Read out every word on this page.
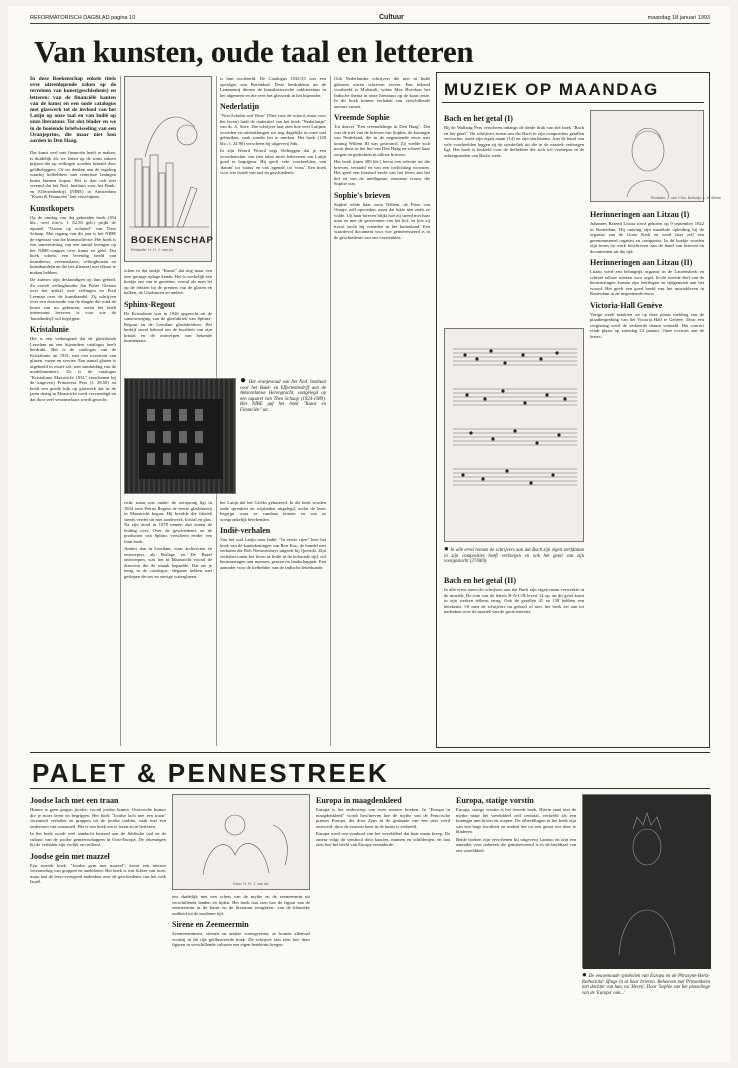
REFORMATORISCH DAGBLAD pagina 10	Cultuur	maandag 18 januari 1993
Van kunsten, oude taal en letteren
In deze Boekenschap enkele titels over uiteenlopende zaken op de terreinen van kunst(geschiedenis) en letteren: van de financiële kanten van de kunst en een oude catalogus met glaswerk tot de invloed van het Latijn op onze taal en van Indië op onze literatuur. Tot slot blader en we in de boeiende briefwisseling van een Oranjeprins, die maar niet kon aarden in Den Haag.

Dat kunst veel met financiën heeft te maken, is duidelijk als we letten op de soms zakere prijzen die op veilingen worden betaald door geldbeleggers. Of we denken aan de regeling waarbij liefhebbers met renteloze leningen kunst kunnen kopen. Het is dan ook niet vreemd dat het Ned. Instituut voor het Bank- en Effectenbedrijf (NIBE) in Amsterdam "Kunst & Financiën" laat verschijnen.

Kunstkopers

Op de omslag van dat gebonden boek (184 blz., veel foto's; f. 62,50 geb.) prijkt de aquarel "Voorm op ochtend" van Theo Schaap. Met ingang van dit jaar is het NIBE de eigenaar van die kunstcollectie. Het boek is een samenvatting van een aantal lezingen op het NIBE-congres over kunst en geld. Dat boek schetst een levendig beeld van kunstbeurs, verzamelaars, veilinghuizen en kunsthandelaren die het allemaal met elkaar te maken hebben.

De auteurs zijn deskundigen op hun gebied. Zo vertelt veilinghouder Jan Pieter Glerum over het artikel over veilingen en Fred Leeman over de kunsthandel. Zij schrijven over een doorsnede van de dingen die rond de kunst van nu gebeuren, zodat het boek interessant leesvoer is voor wie de 'kunstbedrijf' wil begrijpen.

Kristalunie

Het is een verheugend dat de glasfabriek Leerdam nu een bijzondere catalogus heeft herdrukt. Het is de catalogus van de Kristalunie uit 1931, met een overzicht van glazen, vazen en servies. Een aantal glazen is afgebeeld in zwart-wit, met aanduiding van de modelnummers. Zo is de catalogus "Kristalunie Maastricht 1931" verschenen bij de uitgeverij Primavera Pers (f. 29,50) en biedt een goede kijk op glaswerk dat in de jaren dertig in Maastricht werd vervaardigd en dat door veel verzamelaars wordt gezocht.

BOEKENSCHAP
Redactie: H. H. J. van As

schen in dat stukje "Kunst" dat nog maar een zeer geringe oplage kende. Het is werkelijk een boekje om van te genieten, vooral als men let op de teksten bij de prenten van de glazen en kelken, de Gladsturen en andere.

Sphinx-Regout

De Kristalunie was in 1926 opgericht uit de samenvoeging van de glasfabriek van Sphinx-Regout en de Leerdam glasfabrieken. Het bedrijf stond bekend om de kwaliteit van zijn kristal en de ontwerpen van bekende kunstenaars.

● Het oranjewoud van het Ned. Instituut voor het Bank- en Effectenbedrijf aan de Amsterdamse Herengracht, vastgelegd op een aquarel van Theo Schaap (1924-1989). Het NIBE gaf het boek "Kunst en Financiën" uit.

richt, maar was ouder: de oorsprong ligt in 1834 toen Petrus Regout de eerste glasblazerij in Maastricht begon. Hij breidde die fabriek steeds verder uit met aardewerk, kristal en glas. Na zijn dood in 1878 namen zijn zonen de leiding over. Over de geschiedenis en de producten van Sphinx verscheen eerder een fraai boek.

Anders dan in Leerdam, waar architecten en ontwerpers als Berlage en De Bazel ontwierpen, was het in Maastricht vooral de directeur die de smaak bepaalde. Dat zie je terug in de catalogus: elegante kelken met geslepen decors en stevige waterglazen.

is hun voorbeeld. De Catalogus 1932-33 was een opvolger van Borendaal. Deze herdrukken uit de Lemmenrij dienen de kunsthistorische vakliteratuur in het algemeen en die over het glaswerk in het bijzonder.

Nederlatijn

"Non Scholae sed Vitae" (Niet voor de school, maar voor het leven) luidt de ondertitel van het boek "Nederlatijn" van dr. A. Sirre. Die schrijver laat zien hoe veel Latijnse woorden en uitdrukkingen we nog dagelijks in onze taal gebruiken, vaak zonder het te merken. Het boek (128 blz.; f. 24,90) verscheen bij uitgeverij Sdu.

In zijn Woord Woord zegt Verbeggen dat je een woordenschat van tien talen moet beheersen om Latijn goed te begrijpen. Hij geeft vele voorbeelden, van 'datum' tot 'status' en van 'agenda' tot 'virus'. Een boek voor wie houdt van taal en geschiedenis.

het Latijn dat het Grieks gebaseerd. In dit boek worden oude spreuken en wijsheden uitgelegd, zodat de lezer begrijpt waar ze vandaan komen en wat ze oorspronkelijk betekenden.

Indië-verhalen

Van het oud Latijn naar Indië: "In eerste rijen" heet het boek van de kanttekeningen van Bert Koo, de bundel met verhalen die Rob Nieuwenhuys uitgeeft bij Querido. Zijn verhalen tonen het leven in Indië in de koloniale tijd, vol herinneringen aan mensen, geuren en landschappen. Een aanrader voor de liefhebber van de Indische letterkunde.

Ook Nederlandse schrijvers die niet in Indië geboren waren schreven erover. Een bekend voorbeeld is Multatuli, wiens Max Havelaar het Indische thema in onze literatuur op de kaart zette. In dit boek komen verhalen van verschillende auteurs samen.

Vreemde Sophie

Tot dusver "Een vreemdelinge in Den Haag". Dat was de titel van de brieven van Sophie, de koningin van Nederland, die in de negentiende eeuw met koning Willem III was getrouwd. Zij voelde zich nooit thuis in het hof van Den Haag en schreef haar zorgen en gedachten in talloze brieven.

Het boek (ruim 300 blz.) bevat een selectie uit die brieven, vertaald en van een toelichting voorzien. Het geeft een boeiend beeld van het leven aan het hof en van de intelligente, eenzame vrouw die Sophie was.

Sophie's brieven

Sophie wilde haar zoon Willem, de Prins van Oranje, zelf opvoeden, maar dat lukte niet zoals ze wilde. Uit haar brieven blijkt hoe zij streed met haar man en met de gewoonten van het hof, en hoe zij troost zocht bij vrienden in het buitenland. Een waardevol document voor wie geïnteresseerd is in de geschiedenis van ons vorstenhuis.

MUZIEK OP MAANDAG
Bach en het getal (I)

Bij de Walburg Pers verscheen onlangs de derde druk van het boek "Bach en het getal". De schrijvers tonen aan dat Bach in zijn composities getallen verwerkte, zoals zijn eigen naam (14) en zijn sterfdatum. Aan de hand van vele voorbeelden leggen zij de symboliek uit die in de muziek verborgen ligt. Het boek is bedoeld voor de liefhebber die zich wil verdiepen in de achtergronden van Bachs werk.

Redactie: J. van 't Hul, Bolhuijs: A. H. Alblas
Herinneringen aan Litzau (I)

Johannes Barend Litzau werd geboren op 9 september 1822 in Rotterdam. Hij ontving zijn muzikale opleiding bij de organist van de Grote Kerk en werd later zelf een gerenommeerd organist en componist. In dit boekje worden zijn leven en werk beschreven aan de hand van brieven en documenten uit die tijd.

Herinneringen aan Litzau (II)

Litzau werd een belangrijk organist in de Laurenskerk en schreef talloze werken voor orgel. In dit tweede deel van de herinneringen komen zijn leerlingen en tijdgenoten aan het woord. Het geeft een goed beeld van het muziekleven in Rotterdam in de negentiende eeuw.

Victoria-Hall Genève

Vorige week maakten we op deze plaats melding van de plaatbespreking van het Victoria Hall te Genève. Door een vergissing werd de verkeerde datum vermeld. Het concert vindt plaats op zaterdag 23 januari. Onze excuses aan de lezers.

● In alle ernst toonen de schrijvers aan dat Bach zijn eigen sterfdatum in zijn composities heeft verborgen en ook het getal van zijn voorgeslacht (27/669).
Bach en het getal (II)

In alle ernst tonen de schrijvers aan dat Bach zijn eigen naam verwerkte in de muziek. De som van de letters B-A-C-H levert 14 op, en dit getal komt in zijn werken telkens terug. Ook de getallen 41 en 158 hebben een betekenis. Of men de schrijvers nu gelooft of niet, het boek zet aan tot nadenken over de muziek van de grote meester.

PALET & PENNESTREEK
Joodse lach met een traan

Humor is geen grapje: joodse, vooral joodse humor. Oostersche humor die je moet leren en begrijpen. Het boek "Joodse lach met een traan" verzamelt verhalen en grappen uit de joodse traditie, vaak met een ondertoon van weemoed. Het is een boek om te lezen en te herlezen.

In het boek wordt veel aandacht besteed aan de Jiddische taal en de cultuur van de joodse gemeenschappen in Oost-Europa. De tekeningen bij de verhalen zijn vrolijk en treffend.

Joodse gein met mazzel

Een tweede boek, "Joodse gein met mazzel", bevat een nieuwe verzameling van grappen en anekdoten. Het boek is wat lichter van toon, maar laat de lezer evengoed nadenken over de geschiedenis van het volk Israël.	Door: H. H. J. van As

ons duidelijk met een schets van de mythe en de zeemeermin uit verschillende landen en tijden. Het boek laat zien hoe de figuur van de zeemeermin in de kunst en de literatuur terugkeert, van de klassieke oudheid tot de moderne tijd.

Sirene en Zeemeermin

Zeemeerminnen, sirenen en andere watergeesten, ze komen allemaal voorbij in dit rijk geïllustreerde boek. De schrijver laat zien hoe deze figuren in verschillende culturen een eigen betekenis kregen.

Europa in maagdenkleed

Europa is het onderwerp van twee nieuwe boeken. In "Europa in maagdenkleed" wordt beschreven hoe de mythe van de Fenicische prinses Europa, die door Zeus in de gedaante van een stier werd ontvoerd, door de eeuwen heen in de kunst is verbeeld.

Europa werd een symbool van het werelddeel dat haar naam kreeg. De auteur volgt dit symbool door kaarten, munten en schilderijen, en laat zien hoe het beeld van Europa veranderde.

Europa, statige vorstin

Europa, statige vorstin is het tweede boek. Hierin staat niet de mythe maar het werelddeel zelf centraal, verbeeld als een koningin met kroon en scepter. De afbeeldingen in het boek zijn van een hoge kwaliteit en maken het tot een genot om door te bladeren.

Beide boeken zijn verschenen bij uitgeverij Lannoo en zijn een aanrader voor iedereen die geïnteresseerd is in de beeldtaal van ons werelddeel.

● De eeuwenoude symboliek van Europa en de Phrasyne-Hertz-Rothschild: Sfinge in al haar brieven. Behoeven met Prinsenbeen met dochter van hun, na 'Heren'. Door 'Sophie van het plotselinge van de 'Europa' ook...'
